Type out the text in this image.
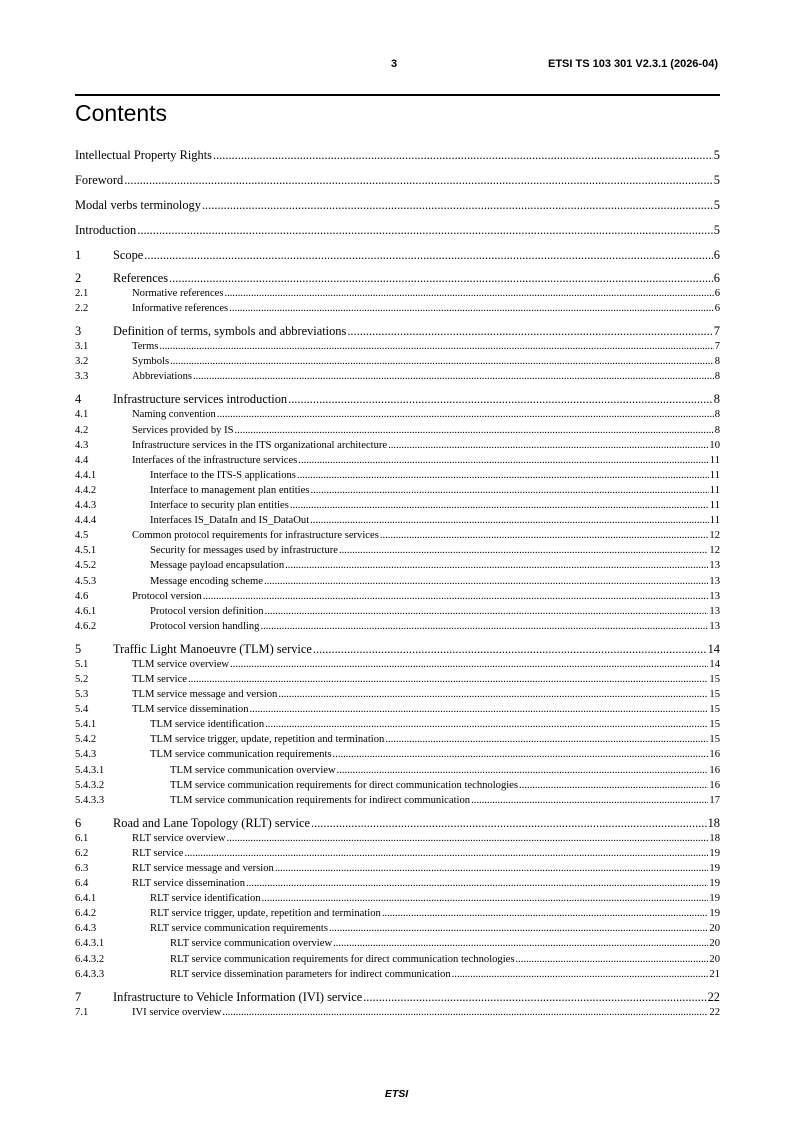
3	ETSI TS 103 301 V2.3.1 (2026-04)
Contents
Intellectual Property Rights .....	5
Foreword .....	5
Modal verbs terminology .....	5
Introduction .....	5
1	Scope .....	6
2	References .....	6
2.1	Normative references .....	6
2.2	Informative references .....	6
3	Definition of terms, symbols and abbreviations .....	7
3.1	Terms .....	7
3.2	Symbols .....	8
3.3	Abbreviations .....	8
4	Infrastructure services introduction .....	8
4.1	Naming convention .....	8
4.2	Services provided by IS .....	8
4.3	Infrastructure services in the ITS organizational architecture .....	10
4.4	Interfaces of the infrastructure services .....	11
4.4.1	Interface to the ITS-S applications .....	11
4.4.2	Interface to management plan entities .....	11
4.4.3	Interface to security plan entities .....	11
4.4.4	Interfaces IS_DataIn and IS_DataOut .....	11
4.5	Common protocol requirements for infrastructure services .....	12
4.5.1	Security for messages used by infrastructure .....	12
4.5.2	Message payload encapsulation .....	13
4.5.3	Message encoding scheme .....	13
4.6	Protocol version .....	13
4.6.1	Protocol version definition .....	13
4.6.2	Protocol version handling .....	13
5	Traffic Light Manoeuvre (TLM) service .....	14
5.1	TLM service overview .....	14
5.2	TLM service .....	15
5.3	TLM service message and version .....	15
5.4	TLM service dissemination .....	15
5.4.1	TLM service identification .....	15
5.4.2	TLM service trigger, update, repetition and termination .....	15
5.4.3	TLM service communication requirements .....	16
5.4.3.1	TLM service communication overview .....	16
5.4.3.2	TLM service communication requirements for direct communication technologies .....	16
5.4.3.3	TLM service communication requirements for indirect communication .....	17
6	Road and Lane Topology (RLT) service .....	18
6.1	RLT service overview .....	18
6.2	RLT service .....	19
6.3	RLT service message and version .....	19
6.4	RLT service dissemination .....	19
6.4.1	RLT service identification .....	19
6.4.2	RLT service trigger, update, repetition and termination .....	19
6.4.3	RLT service communication requirements .....	20
6.4.3.1	RLT service communication overview .....	20
6.4.3.2	RLT service communication requirements for direct communication technologies .....	20
6.4.3.3	RLT service dissemination parameters for indirect communication .....	21
7	Infrastructure to Vehicle Information (IVI) service .....	22
7.1	IVI service overview .....	22
ETSI
